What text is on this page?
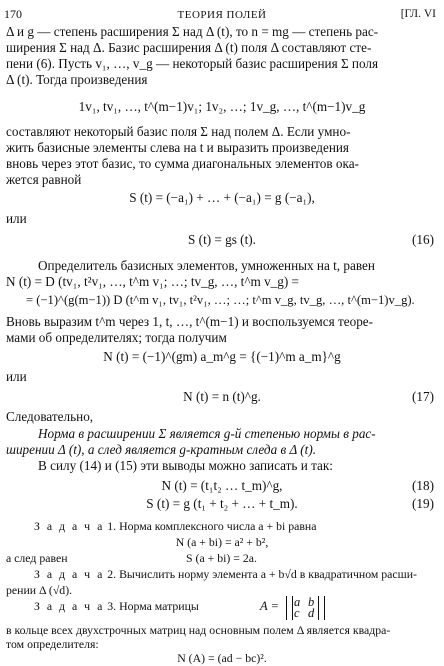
170	ТЕОРИЯ ПОЛЕЙ	[ГЛ. VI
Δ и g — степень расширения Σ над Δ (t), то n = mg — степень рас-
ширения Σ над Δ. Базис расширения Δ (t) поля Δ составляют сте-
пени (6). Пусть v₁, …, v_g — некоторый базис расширения Σ поля
Δ (t). Тогда произведения
1v₁, tv₁, …, t^(m−1)v₁; 1v₂, …; 1v_g, …, t^(m−1)v_g
составляют некоторый базис поля Σ над полем Δ. Если умно-
жить базисные элементы слева на t и выразить произведения
вновь через этот базис, то сумма диагональных элементов ока-
жется равной
S (t) = (−a₁) + … + (−a₁) = g (−a₁),
или
S (t) = gs (t).	(16)
Определитель базисных элементов, умноженных на t, равен
N (t) = D (tv₁, t²v₁, …, t^m v₁; …; tv_g, …, t^m v_g) =
= (−1)^(g(m−1)) D (t^m v₁, tv₁, t²v₁, …; …; t^m v_g, tv_g, …, t^(m−1)v_g).
Вновь выразим t^m через 1, t, …, t^(m−1) и воспользуемся теоре-
мами об определителях; тогда получим
N (t) = (−1)^(gm) a_m^g = {(−1)^m a_m}^g
или
N (t) = n (t)^g.	(17)
Следовательно,
Норма в расширении Σ является g-й степенью нормы в рас-
ширении Δ (t), а след является g-кратным следа в Δ (t).
В силу (14) и (15) эти выводы можно записать и так:
N (t) = (t₁t₂ … t_m)^g,	(18)
S (t) = g (t₁ + t₂ + … + t_m).	(19)
З а д а ч а 1. Норма комплексного числа a + bi равна
N (a + bi) = a² + b²,
а след равен	S (a + bi) = 2a.
З а д а ч а 2. Вычислить норму элемента a + b√d в квадратичном расши-
рении Δ (√d).
З а д а ч а 3. Норма матрицы	A = a b
c d
в кольце всех двухстрочных матриц над основным полем Δ является квадра-
том определителя:
N (A) = (ad − bc)².
